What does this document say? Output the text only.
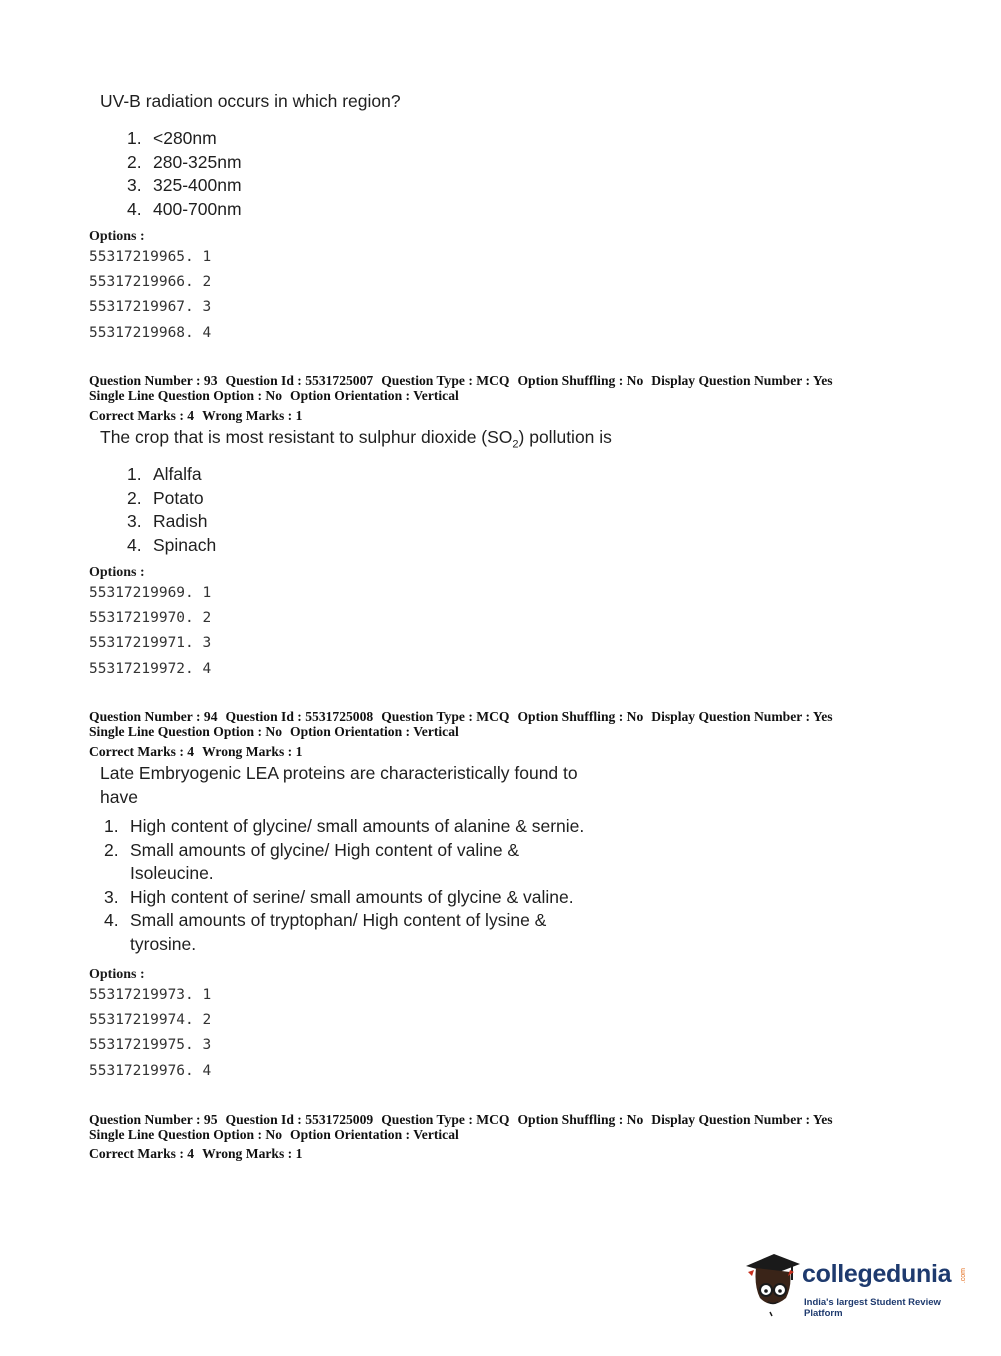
UV-B radiation occurs in which region?
1. <280nm
2. 280-325nm
3. 325-400nm
4. 400-700nm
Options :
55317219965. 1
55317219966. 2
55317219967. 3
55317219968. 4
Question Number : 93 Question Id : 5531725007 Question Type : MCQ Option Shuffling : No Display Question Number : Yes
Single Line Question Option : No Option Orientation : Vertical
Correct Marks : 4 Wrong Marks : 1
The crop that is most resistant to sulphur dioxide $(SO_2)$ pollution is
1. Alfalfa
2. Potato
3. Radish
4. Spinach
Options :
55317219969. 1
55317219970. 2
55317219971. 3
55317219972. 4
Question Number : 94 Question Id : 5531725008 Question Type : MCQ Option Shuffling : No Display Question Number : Yes
Single Line Question Option : No Option Orientation : Vertical
Correct Marks : 4 Wrong Marks : 1
Late Embryogenic LEA proteins are characteristically found to
have
1. High content of glycine/ small amounts of alanine & sernie.
2. Small amounts of glycine/ High content of valine &
Isoleucine.
3. High content of serine/ small amounts of glycine & valine.
4. Small amounts of tryptophan/ High content of lysine &
tyrosine.
Options :
55317219973. 1
55317219974. 2
55317219975. 3
55317219976. 4
Question Number : 95 Question Id : 5531725009 Question Type : MCQ Option Shuffling : No Display Question Number : Yes
Single Line Question Option : No Option Orientation : Vertical
Correct Marks : 4 Wrong Marks : 1
collegedunia .com
India's largest Student Review Platform
